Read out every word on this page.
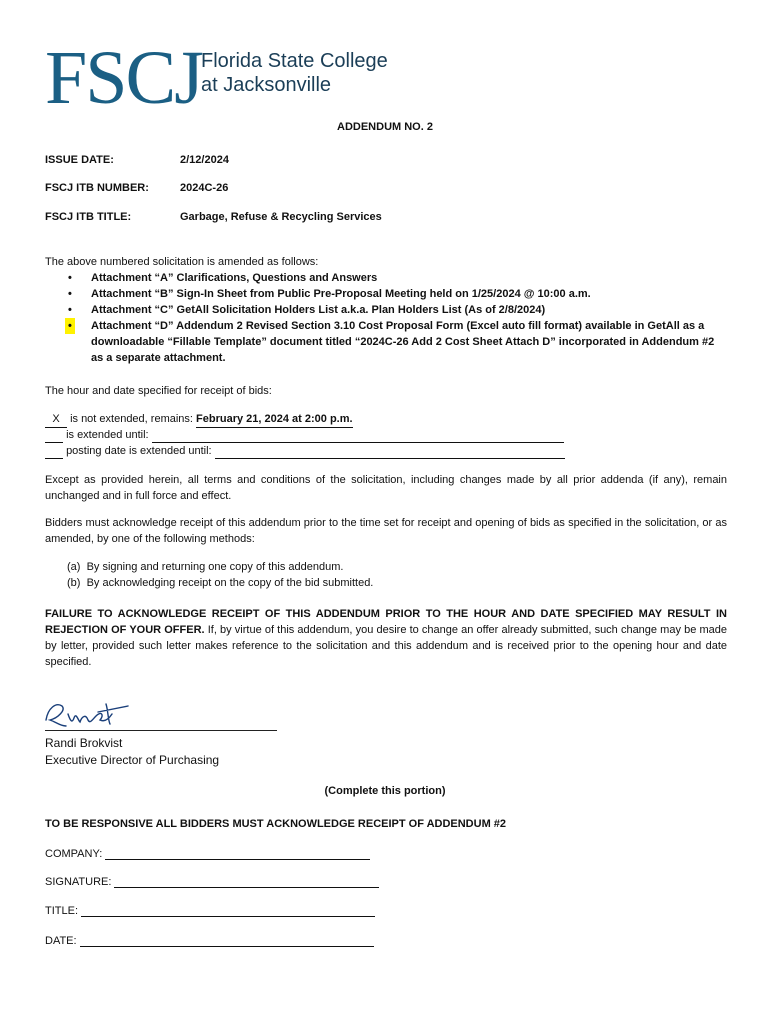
FSCJ Florida State College
at Jacksonville
ADDENDUM NO. 2
ISSUE DATE:	2/12/2024
FSCJ ITB NUMBER:	2024C-26
FSCJ ITB TITLE:	Garbage, Refuse & Recycling Services
The above numbered solicitation is amended as follows:
• Attachment “A” Clarifications, Questions and Answers
• Attachment “B” Sign-In Sheet from Public Pre-Proposal Meeting held on 1/25/2024 @ 10:00 a.m.
• Attachment “C” GetAll Solicitation Holders List a.k.a. Plan Holders List (As of 2/8/2024)
• Attachment “D” Addendum 2 Revised Section 3.10 Cost Proposal Form (Excel auto fill format) available in GetAll as a downloadable “Fillable Template” document titled “2024C-26 Add 2 Cost Sheet Attach D” incorporated in Addendum #2 as a separate attachment.
The hour and date specified for receipt of bids:
X is not extended, remains: February 21, 2024 at 2:00 p.m.
is extended until:
posting date is extended until:
Except as provided herein, all terms and conditions of the solicitation, including changes made by all prior addenda (if any), remain unchanged and in full force and effect.
Bidders must acknowledge receipt of this addendum prior to the time set for receipt and opening of bids as specified in the solicitation, or as amended, by one of the following methods:
(a) By signing and returning one copy of this addendum.
(b) By acknowledging receipt on the copy of the bid submitted.
FAILURE TO ACKNOWLEDGE RECEIPT OF THIS ADDENDUM PRIOR TO THE HOUR AND DATE SPECIFIED MAY RESULT IN REJECTION OF YOUR OFFER. If, by virtue of this addendum, you desire to change an offer already submitted, such change may be made by letter, provided such letter makes reference to the solicitation and this addendum and is received prior to the opening hour and date specified.
Randi Brokvist
Executive Director of Purchasing
(Complete this portion)
TO BE RESPONSIVE ALL BIDDERS MUST ACKNOWLEDGE RECEIPT OF ADDENDUM #2
COMPANY:
SIGNATURE:
TITLE:
DATE:
